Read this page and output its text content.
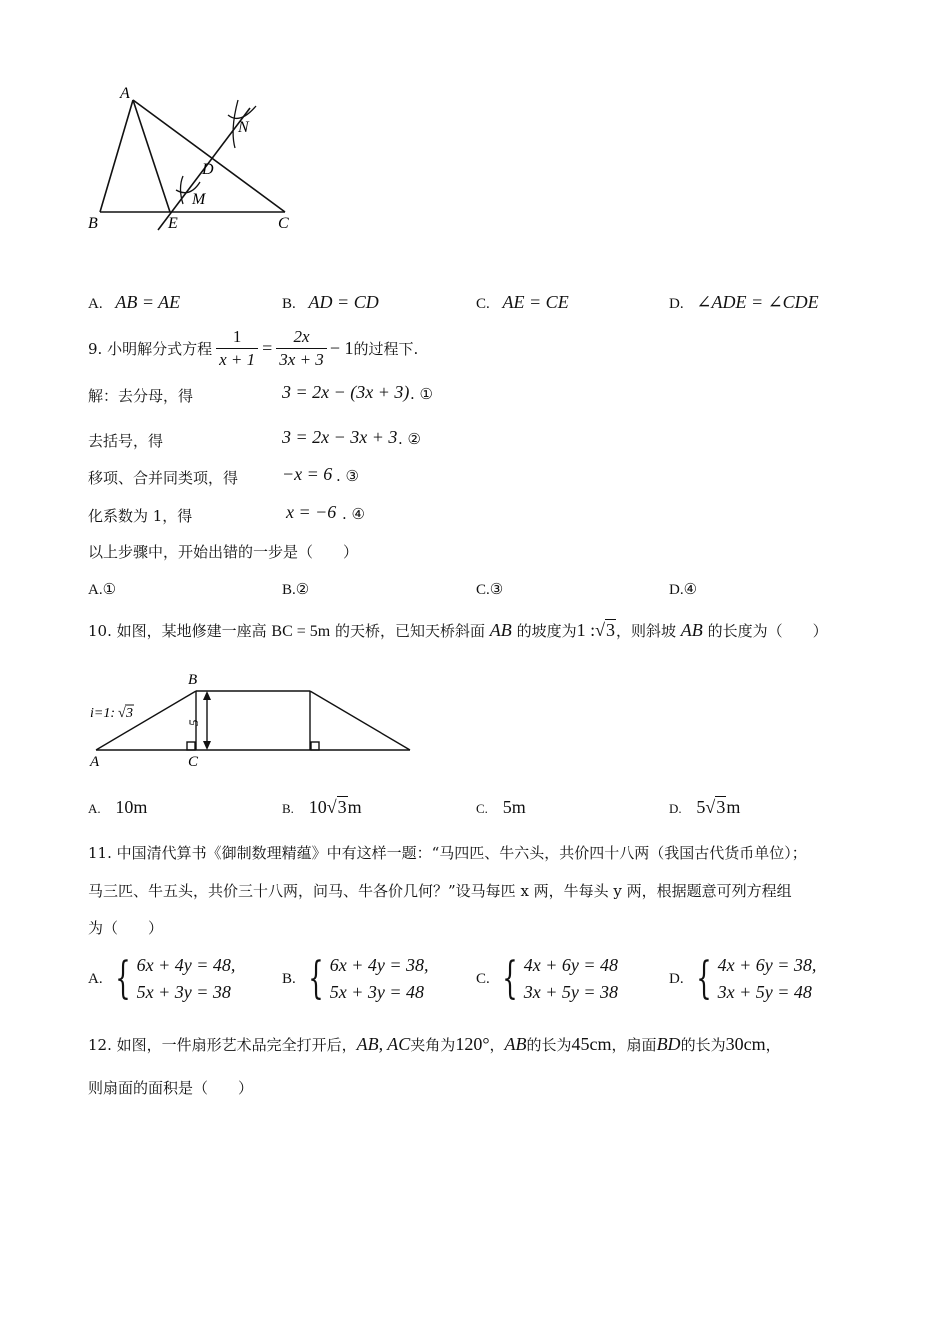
A
B	E	C
D
M
N
A. AB = AE	B. AD = CD	C. AE = CE	D. ∠ADE = ∠CDE
9. 小明解分式方程 $\frac{1}{x + 1} = \frac{2x}{3x + 3} - 1$ 的过程下.
解：去分母，得	3 = 2x − (3x + 3) . ①
去括号，得	3 = 2x − 3x + 3 . ②
移项、合并同类项，得 −x = 6 . ③
化系数为 1，得	x = −6 . ④
以上步骤中，开始出错的一步是（　　）
A.①	B.②	C.③	D.④
10. 如图，某地修建一座高 BC = 5m 的天桥，已知天桥斜面 AB 的坡度为1 :√3，则斜坡 AB 的长度为（　　）
5
B
A	C
i=1: √ 3
A. 10m	B. 10√3m	C. 5m	D. 5√3m
11. 中国清代算书《御制数理精蕴》中有这样一题：“马四匹、牛六头，共价四十八两（我国古代货币单位）；
马三匹、牛五头，共价三十八两，问马、牛各价几何？”设马每匹 x 两，牛每头 y 两，根据题意可列方程组
为（　　）
A. { 6x + 4y = 48,
5x + 3y = 38
B. { 6x + 4y = 38,
5x + 3y = 48
C. { 4x + 6y = 48
3x + 5y = 38
D. { 4x + 6y = 38,
3x + 5y = 48
12. 如图，一件扇形艺术品完全打开后，AB, AC夹角为120°，AB的长为45cm，扇面BD的长为30cm，
则扇面的面积是（　　）
